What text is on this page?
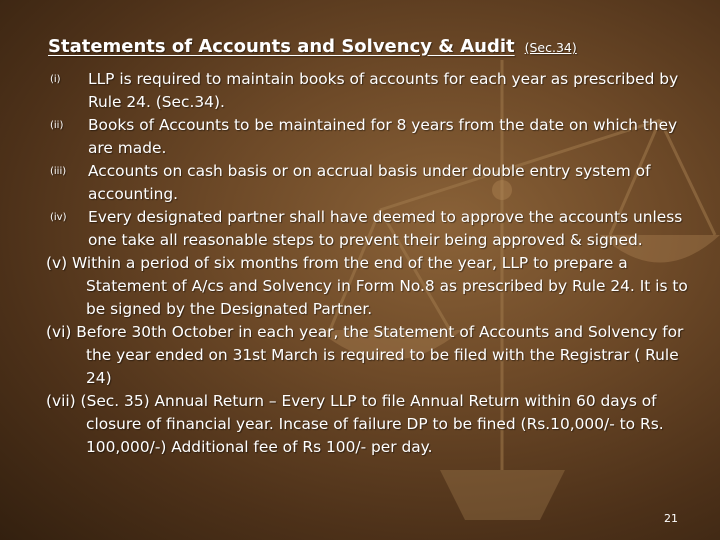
Statements of Accounts and Solvency & Audit (Sec.34)
(i) LLP is required to maintain books of accounts for each year as prescribed by Rule 24. (Sec.34).
(ii) Books of Accounts to be maintained for 8 years from the date on which they are made.
(iii) Accounts on cash basis or on accrual basis under double entry system of accounting.
(iv) Every designated partner shall have deemed to approve the accounts unless one take all reasonable steps to prevent their being approved & signed.
(v) Within a period of six months from the end of the year, LLP to prepare a Statement of A/cs and Solvency in Form No.8 as prescribed by Rule 24. It is to be signed by the Designated Partner.
(vi) Before 30th October in each year, the Statement of Accounts and Solvency for the year ended on 31st March is required to be filed with the Registrar ( Rule 24)
(vii) (Sec. 35) Annual Return – Every LLP to file Annual Return within 60 days of closure of financial year. Incase of failure DP to be fined (Rs.10,000/- to Rs. 100,000/-) Additional fee of Rs 100/- per day.
21
